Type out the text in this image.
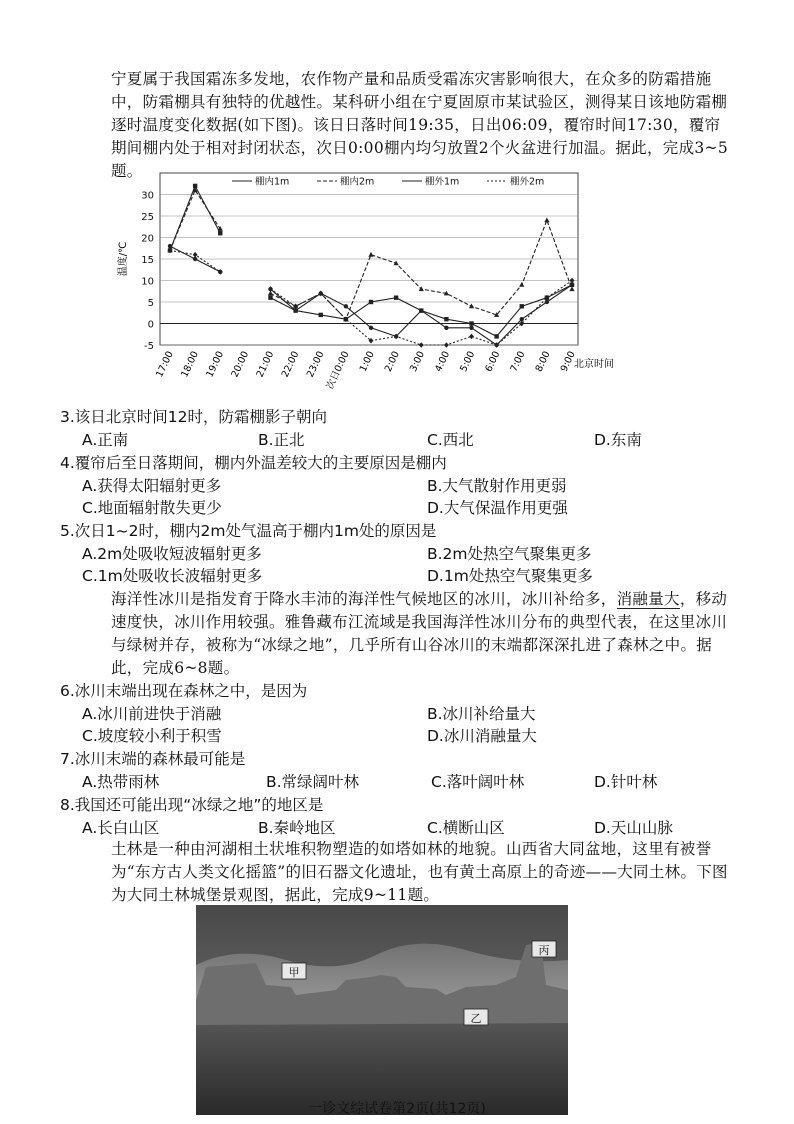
宁夏属于我国霜冻多发地，农作物产量和品质受霜冻灾害影响很大，在众多的防霜措施中，防霜棚具有独特的优越性。某科研小组在宁夏固原市某试验区，测得某日该地防霜棚逐时温度变化数据(如下图)。该日日落时间19:35，日出06:09，覆帘时间17:30，覆帘期间棚内处于相对封闭状态，次日0:00棚内均匀放置2个火盆进行加温。据此，完成3~5题。
30
25
20
15
10
5
0
-5
温度/℃
17:00 18:00 19:00 20:00 21:00 22:00 23:00
次日0:00 1:00 2:00 3:00 4:00 5:00 6:00 7:00 8:00 9:00
北京时间
棚内1m	棚内2m	棚外1m	棚外2m
3.该日北京时间12时，防霜棚影子朝向
A.正南	B.正北	C.西北	D.东南
4.覆帘后至日落期间，棚内外温差较大的主要原因是棚内
A.获得太阳辐射更多	B.大气散射作用更弱
C.地面辐射散失更少	D.大气保温作用更强
5.次日1~2时，棚内2m处气温高于棚内1m处的原因是
A.2m处吸收短波辐射更多	B.2m处热空气聚集更多
C.1m处吸收长波辐射更多	D.1m处热空气聚集更多
海洋性冰川是指发育于降水丰沛的海洋性气候地区的冰川，冰川补给多，消融量大，移动速度快，冰川作用较强。雅鲁藏布江流域是我国海洋性冰川分布的典型代表，在这里冰川与绿树并存，被称为“冰绿之地”，几乎所有山谷冰川的末端都深深扎进了森林之中。据此，完成6~8题。
6.冰川末端出现在森林之中，是因为
A.冰川前进快于消融	B.冰川补给量大
C.坡度较小利于积雪	D.冰川消融量大
7.冰川末端的森林最可能是
A.热带雨林	B.常绿阔叶林	C.落叶阔叶林	D.针叶林
8.我国还可能出现“冰绿之地”的地区是
A.长白山区	B.秦岭地区	C.横断山区	D.天山山脉
土林是一种由河湖相土状堆积物塑造的如塔如林的地貌。山西省大同盆地，这里有被誉为“东方古人类文化摇篮”的旧石器文化遗址，也有黄土高原上的奇迹——大同土林。下图为大同土林城堡景观图，据此，完成9~11题。
甲
乙
丙
一诊文综试卷第2页(共12页)
